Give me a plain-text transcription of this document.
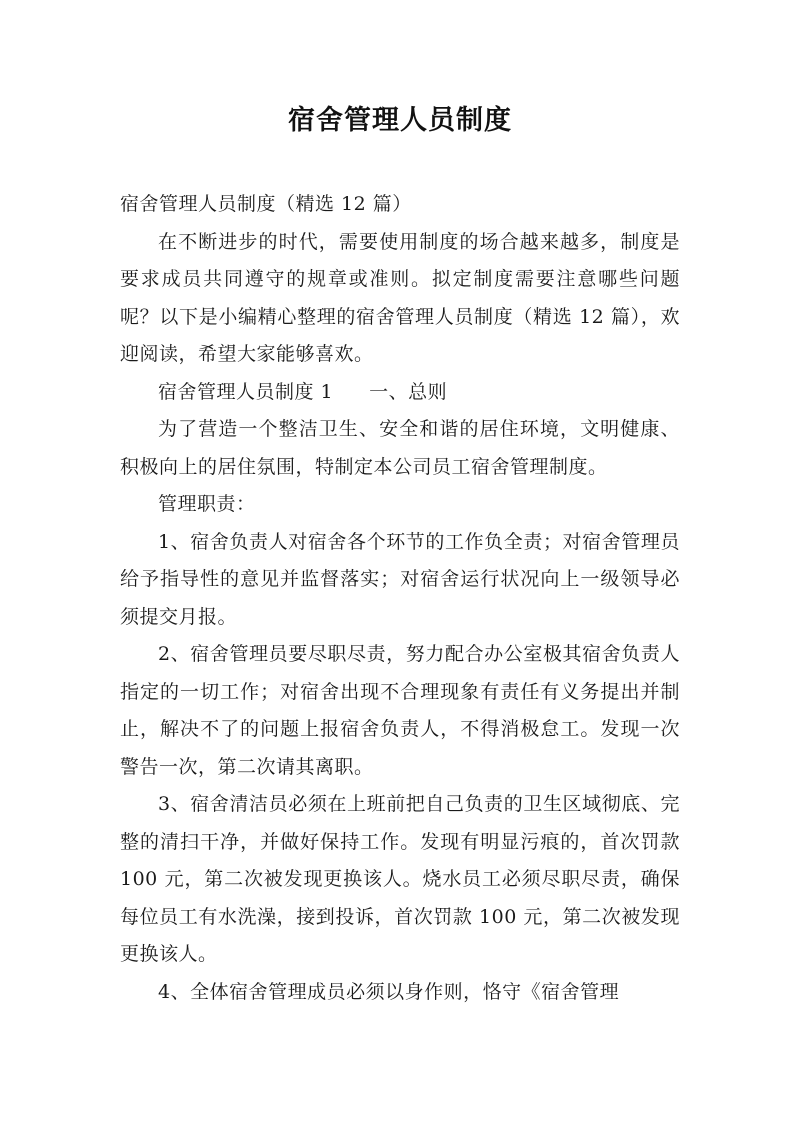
宿舍管理人员制度

宿舍管理人员制度（精选 12 篇）

在不断进步的时代，需要使用制度的场合越来越多，制度是要求成员共同遵守的规章或准则。拟定制度需要注意哪些问题呢？以下是小编精心整理的宿舍管理人员制度（精选 12 篇），欢迎阅读，希望大家能够喜欢。

宿舍管理人员制度 1 一、总则

为了营造一个整洁卫生、安全和谐的居住环境，文明健康、积极向上的居住氛围，特制定本公司员工宿舍管理制度。

管理职责：

1、宿舍负责人对宿舍各个环节的工作负全责；对宿舍管理员给予指导性的意见并监督落实；对宿舍运行状况向上一级领导必须提交月报。

2、宿舍管理员要尽职尽责，努力配合办公室极其宿舍负责人指定的一切工作；对宿舍出现不合理现象有责任有义务提出并制止，解决不了的问题上报宿舍负责人，不得消极怠工。发现一次警告一次，第二次请其离职。

3、宿舍清洁员必须在上班前把自己负责的卫生区域彻底、完整的清扫干净，并做好保持工作。发现有明显污痕的，首次罚款 100 元，第二次被发现更换该人。烧水员工必须尽职尽责，确保每位员工有水洗澡，接到投诉，首次罚款 100 元，第二次被发现更换该人。

4、全体宿舍管理成员必须以身作则，恪守《宿舍管理
